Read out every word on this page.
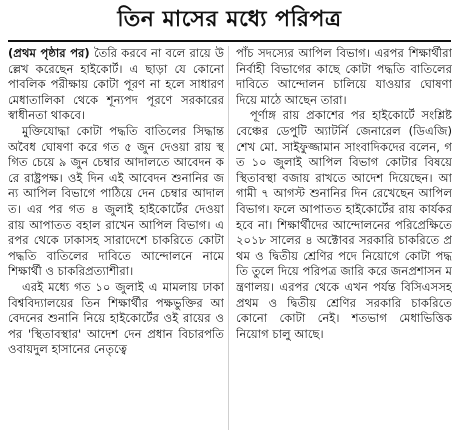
তিন মাসের মধ্যে পরিপত্র

(প্রথম পৃষ্ঠার পর) তৈরি করবে না বলে রায়ে উল্লেখ করেছেন হাইকোর্ট। এ ছাড়া যে কোনো পাবলিক পরীক্ষায় কোটা পূরণ না হলে সাধারণ মেধাতালিকা থেকে শূন্যপদ পূরণে সরকারের স্বাধীনতা থাকবে।

মুক্তিযোদ্ধা কোটা পদ্ধতি বাতিলের সিদ্ধান্ত অবৈধ ঘোষণা করে গত ৫ জুন দেওয়া রায় স্থগিত চেয়ে ৯ জুন চেম্বার আদালতে আবেদন করে রাষ্ট্রপক্ষ। ওই দিন এই আবেদন শুনানির জন্য আপিল বিভাগে পাঠিয়ে দেন চেম্বার আদালত। এর পর গত ৪ জুলাই হাইকোর্টের দেওয়া রায় আপাতত বহাল রাখেন আপিল বিভাগ। এরপর থেকে ঢাকাসহ সারাদেশে চাকরিতে কোটা পদ্ধতি বাতিলের দাবিতে আন্দোলনে নামে শিক্ষার্থী ও চাকরিপ্রত্যাশীরা।

এরই মধ্যে গত ১০ জুলাই এ মামলায় ঢাকা বিশ্ববিদ্যালয়ের তিন শিক্ষার্থীর পক্ষভুক্তির আবেদনের শুনানি নিয়ে হাইকোর্টের ওই রায়ের ওপর 'স্থিতাবস্থার' আদেশ দেন প্রধান বিচারপতি ওবায়দুল হাসানের নেতৃত্বে

পাঁচ সদস্যের আপিল বিভাগ। এরপর শিক্ষার্থীরা নির্বাহী বিভাগের কাছে কোটা পদ্ধতি বাতিলের দাবিতে আন্দোলন চালিয়ে যাওয়ার ঘোষণা দিয়ে মাঠে আছেন তারা।

পূর্ণাঙ্গ রায় প্রকাশের পর হাইকোর্টে সংশ্লিষ্ট বেঞ্চের ডেপুটি অ্যাটর্নি জেনারেল (ডিএজি) শেখ মো. সাইফুজ্জামান সাংবাদিকদের বলেন, গত ১০ জুলাই আপিল বিভাগ কোটার বিষয়ে স্থিতাবস্থা বজায় রাখতে আদেশ দিয়েছেন। আগামী ৭ আগস্ট শুনানির দিন রেখেছেন আপিল বিভাগ। ফলে আপাতত হাইকোর্টের রায় কার্যকর হবে না। শিক্ষার্থীদের আন্দোলনের পরিপ্রেক্ষিতে ২০১৮ সালের ৪ অক্টোবর সরকারি চাকরিতে প্রথম ও দ্বিতীয় শ্রেণির পদে নিয়োগে কোটা পদ্ধতি তুলে দিয়ে পরিপত্র জারি করে জনপ্রশাসন মন্ত্রণালয়। এরপর থেকে এখন পর্যন্ত বিসিএসসহ প্রথম ও দ্বিতীয় শ্রেণির সরকারি চাকরিতে কোনো কোটা নেই। শতভাগ মেধাভিত্তিক নিয়োগ চালু আছে।
